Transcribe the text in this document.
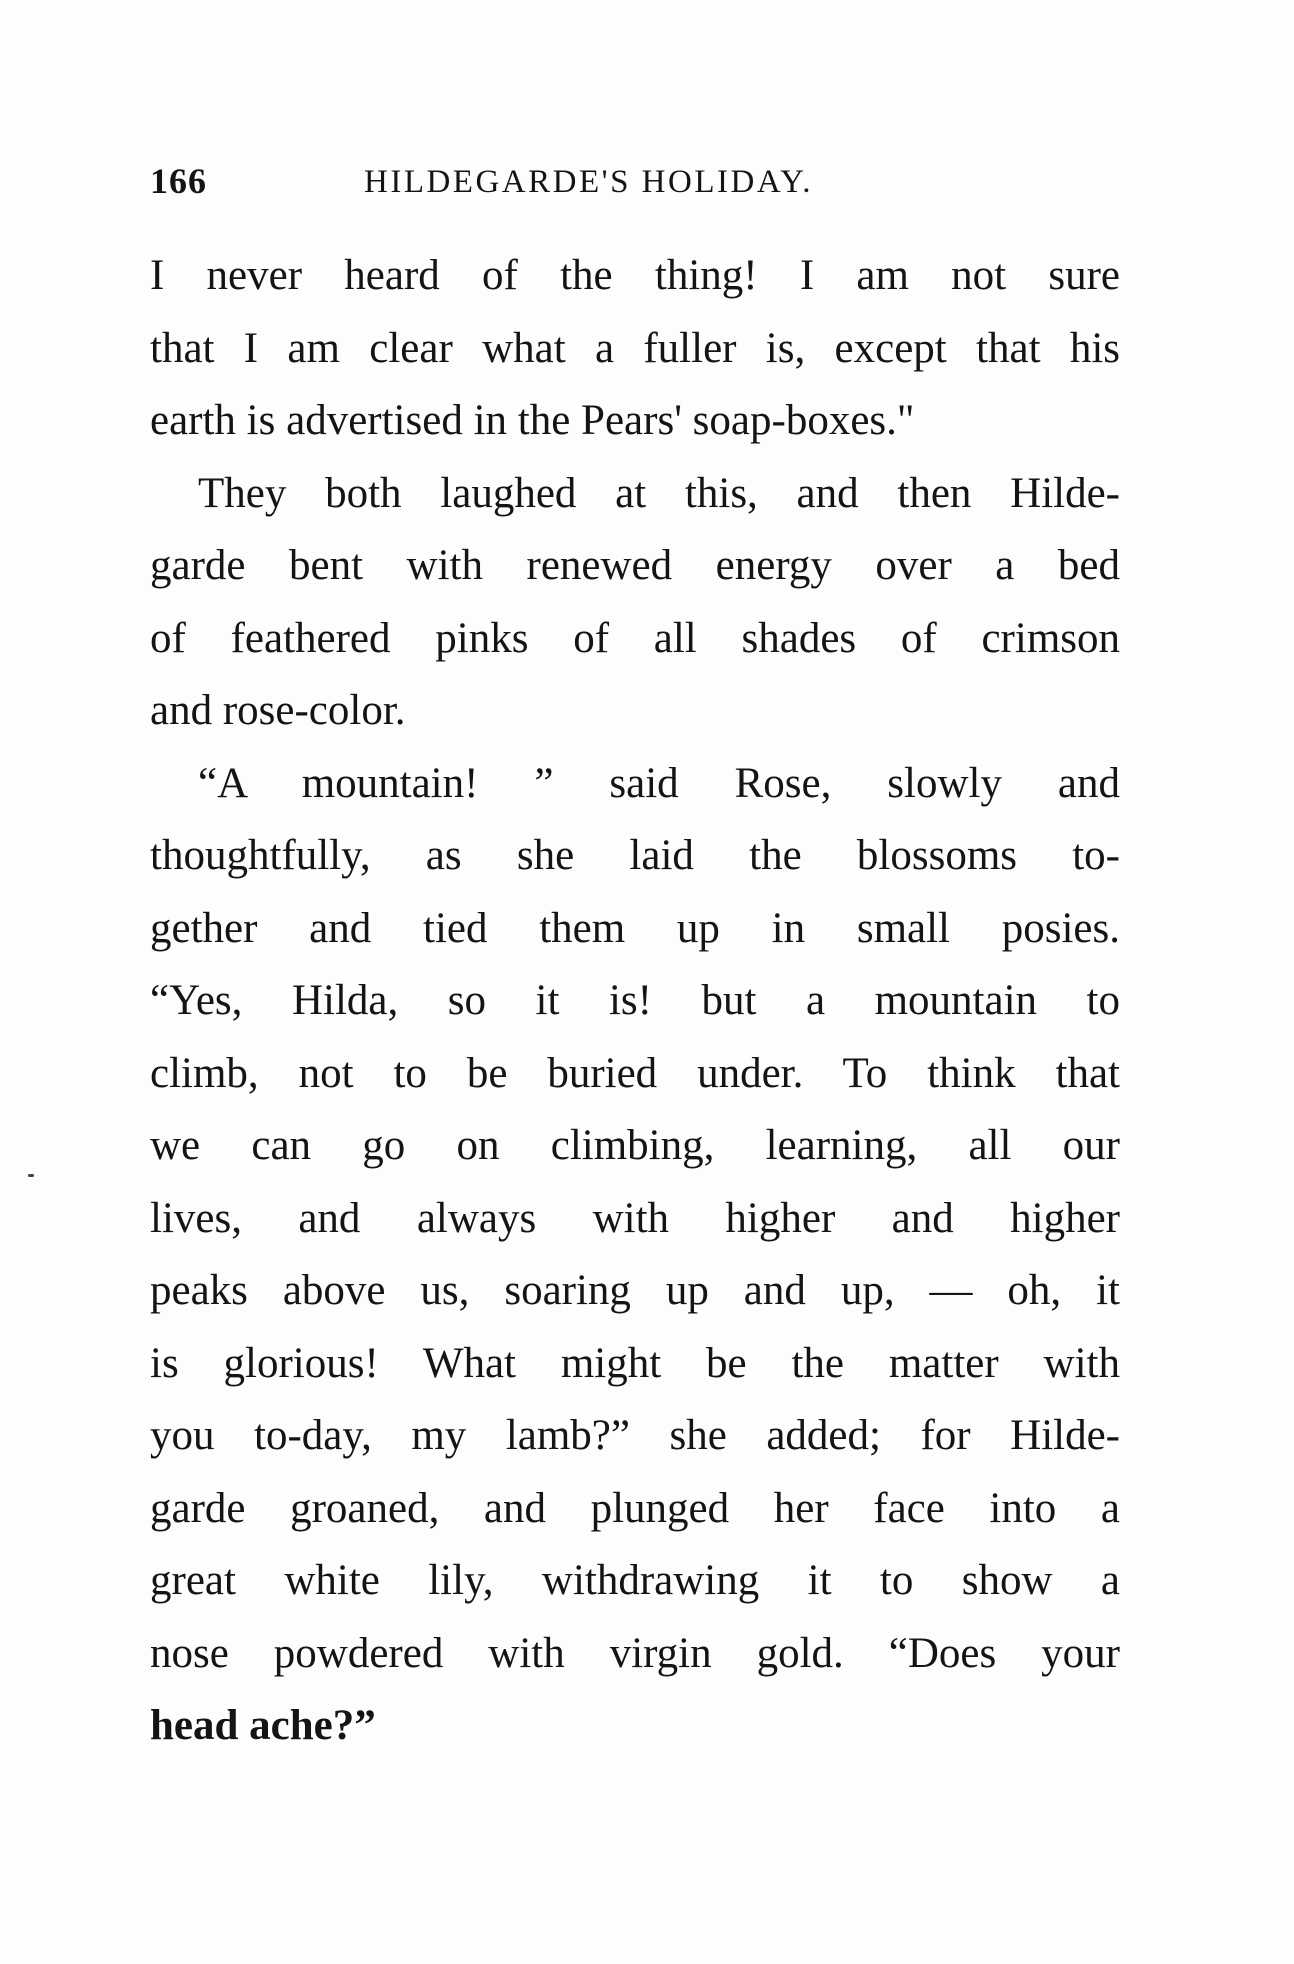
166	HILDEGARDE'S HOLIDAY.
I never heard of the thing! I am not sure
that I am clear what a fuller is, except that his
earth is advertised in the Pears' soap-boxes."
They both laughed at this, and then Hilde-
garde bent with renewed energy over a bed
of feathered pinks of all shades of crimson
and rose-color.
“A mountain! ” said Rose, slowly and
thoughtfully, as she laid the blossoms to-
gether and tied them up in small posies.
“Yes, Hilda, so it is! but a mountain to
climb, not to be buried under. To think that
we can go on climbing, learning, all our
lives, and always with higher and higher
peaks above us, soaring up and up, — oh, it
is glorious! What might be the matter with
you to-day, my lamb?” she added; for Hilde-
garde groaned, and plunged her face into a
great white lily, withdrawing it to show a
nose powdered with virgin gold. “Does your
head ache?”
